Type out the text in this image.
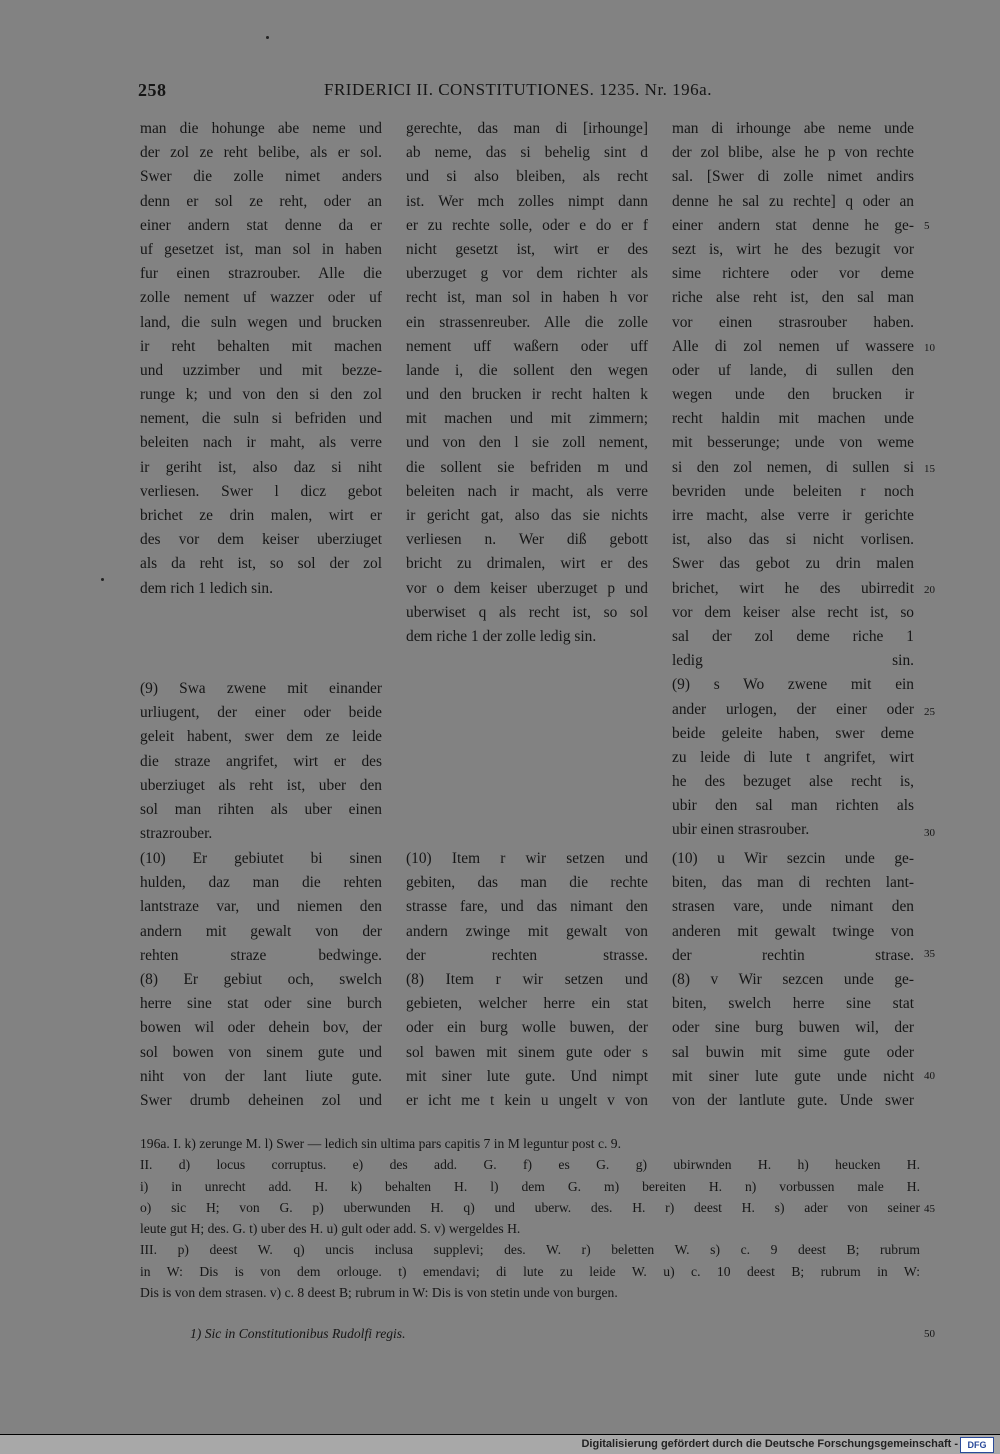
258	FRIDERICI II. CONSTITUTIONES. 1235. Nr. 196a.
man die hohunge abe neme und
der zol ze reht belibe, als er sol.
Swer die zolle nimet anders
denn er sol ze reht, oder an
einer andern stat denne da er
uf gesetzet ist, man sol in haben
fur einen strazrouber. Alle die
zolle nement uf wazzer oder uf
land, die suln wegen und brucken
ir reht behalten mit machen
und uzzimber und mit bezze-
runge k; und von den si den zol
nement, die suln si befriden und
beleiten nach ir maht, als verre
ir geriht ist, also daz si niht
verliesen. Swer l dicz gebot
brichet ze drin malen, wirt er
des vor dem keiser uberziuget
als da reht ist, so sol der zol
dem rich 1 ledich sin.
gerechte, das man di [irhounge]
ab neme, das si behelig sint d
und si also bleiben, als recht
ist. Wer mch zolles nimpt dann
er zu rechte solle, oder e do er f
nicht gesetzt ist, wirt er des
uberzuget g vor dem richter als
recht ist, man sol in haben h vor
ein strassenreuber. Alle die zolle
nement uff waßern oder uff
lande i, die sollent den wegen
und den brucken ir recht halten k
mit machen und mit zimmern;
und von den l sie zoll nement,
die sollent sie befriden m und
beleiten nach ir macht, als verre
ir gericht gat, also das sie nichts
verliesen n. Wer diß gebott
bricht zu drimalen, wirt er des
vor o dem keiser uberzuget p und
uberwiset q als recht ist, so sol
dem riche 1 der zolle ledig sin.
man di irhounge abe neme unde
der zol blibe, alse he p von rechte
sal. [Swer di zolle nimet andirs
denne he sal zu rechte] q oder an
einer andern stat denne he ge-
sezt is, wirt he des bezugit vor
sime richtere oder vor deme
riche alse reht ist, den sal man
vor einen strasrouber haben.
Alle di zol nemen uf wassere
oder uf lande, di sullen den
wegen unde den brucken ir
recht haldin mit machen unde
mit besserunge; unde von weme
si den zol nemen, di sullen si
bevriden unde beleiten r noch
irre macht, alse verre ir gerichte
ist, also das si nicht vorlisen.
Swer das gebot zu drin malen
brichet, wirt he des ubirredit
vor dem keiser alse recht ist, so
sal der zol deme riche 1
ledig sin.
(9) s Wo zwene mit ein
ander urlogen, der einer oder
beide geleite haben, swer deme
zu leide di lute t angrifet, wirt
he des bezuget alse recht is,
ubir den sal man richten als
ubir einen strasrouber.
(9) Swa zwene mit einander
urliugent, der einer oder beide
geleit habent, swer dem ze leide
die straze angrifet, wirt er des
uberziuget als reht ist, uber den
sol man rihten als uber einen
strazrouber.
(10) Er gebiutet bi sinen
hulden, daz man die rehten
lantstraze var, und niemen den
andern mit gewalt von der
rehten straze bedwinge.
(8) Er gebiut och, swelch
herre sine stat oder sine burch
bowen wil oder dehein bov, der
sol bowen von sinem gute und
niht von der lant liute gute.
Swer drumb deheinen zol und
(10) Item r wir setzen und
gebiten, das man die rechte
strasse fare, und das nimant den
andern zwinge mit gewalt von
der rechten strasse.
(8) Item r wir setzen und
gebieten, welcher herre ein stat
oder ein burg wolle buwen, der
sol bawen mit sinem gute oder s
mit siner lute gute. Und nimpt
er icht me t kein u ungelt v von
(10) u Wir sezcin unde ge-
biten, das man di rechten lant-
strasen vare, unde nimant den
anderen mit gewalt twinge von
der rechtin strase.
(8) v Wir sezcen unde ge-
biten, swelch herre sine stat
oder sine burg buwen wil, der
sal buwin mit sime gute oder
mit siner lute gute unde nicht
von der lantlute gute. Unde swer
5
10
15
20
25
30
35
40
45
50
196a. I. k) zerunge M. l) Swer — ledich sin ultima pars capitis 7 in M leguntur post c. 9.
II. d) locus corruptus. e) des add. G. f) es G. g) ubirwnden H. h) heucken H.
i) in unrecht add. H. k) behalten H. l) dem G. m) bereiten H. n) vorbussen male H.
o) sic H; von G. p) uberwunden H. q) und uberw. des. H. r) deest H. s) ader von seiner
leute gut H; des. G. t) uber des H. u) gult oder add. S. v) wergeldes H.
III. p) deest W. q) uncis inclusa supplevi; des. W. r) beletten W. s) c. 9 deest B; rubrum
in W: Dis is von dem orlouge. t) emendavi; di lute zu leide W. u) c. 10 deest B; rubrum in W:
Dis is von dem strasen. v) c. 8 deest B; rubrum in W: Dis is von stetin unde von burgen.
1) Sic in Constitutionibus Rudolfi regis.
Digitalisierung gefördert durch die Deutsche Forschungsgemeinschaft -	DFG
